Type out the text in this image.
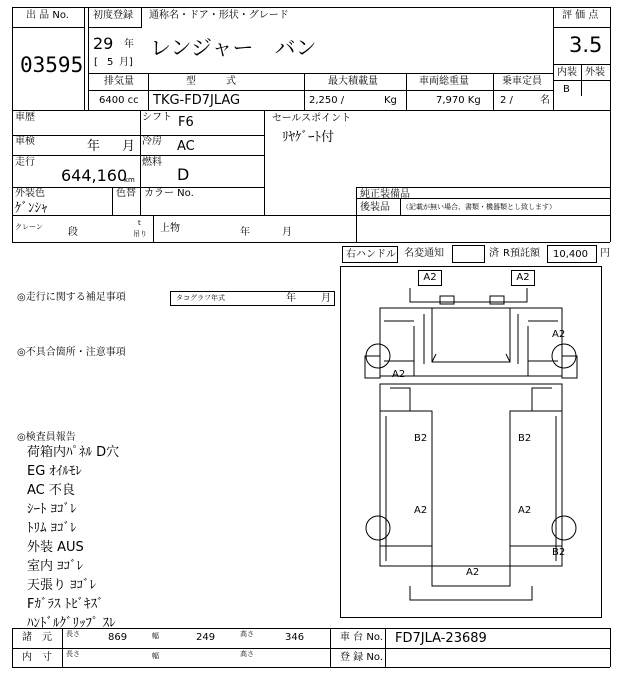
出 品 No.
03595
初度登録 通称名・ドア・形状・グレード	評 価 点
29 年
[ 5 月]
レンジャー　バン	3.5
内装 外装
B
排気量	型　　　式	最大積載量	車両総重量	乗車定員
6400 cc TKG-FD7JLAG	2,250 /	Kg	7,970 Kg 2 /	名
車歴	シフト F6	セールスポイント
ﾘﾔｹﾞｰﾄ付
車検	年 月 冷房 AC
走行
644,160
km
燃料
D
外装色
ｹﾞﾝｼｬ
色替 カラー No.	純正装備品
後装品 （記載が無い場合、書類・機器類とし致します）
クレーン	段
t
吊り 上物	年	月
右ハンドル 名変通知	済 R預託額 10,400 円
◎走行に関する補足事項	タコグラフ年式	年	月
◎不具合箇所・注意事項
◎検査員報告
荷箱内ﾊﾟﾈﾙ D穴
EG ｵｲﾙﾓﾚ
AC 不良
ｼｰﾄ ﾖｺﾞﾚ
ﾄﾘﾑ ﾖｺﾞﾚ
外装 AUS
室内 ﾖｺﾞﾚ
天張り ﾖｺﾞﾚ
Fｶﾞﾗｽ ﾄﾋﾞｷｽﾞ
ﾊﾝﾄﾞﾙｸﾞﾘｯﾌﾟ ｽﾚ
A2	A2
A2
A2
B2	B2
A2	A2
A2
B2
諸　元 長さ	869	幅	249	高さ	346	車 台 No. FD7JLA-23689
内　寸 長さ	幅	高さ	登 録 No.
